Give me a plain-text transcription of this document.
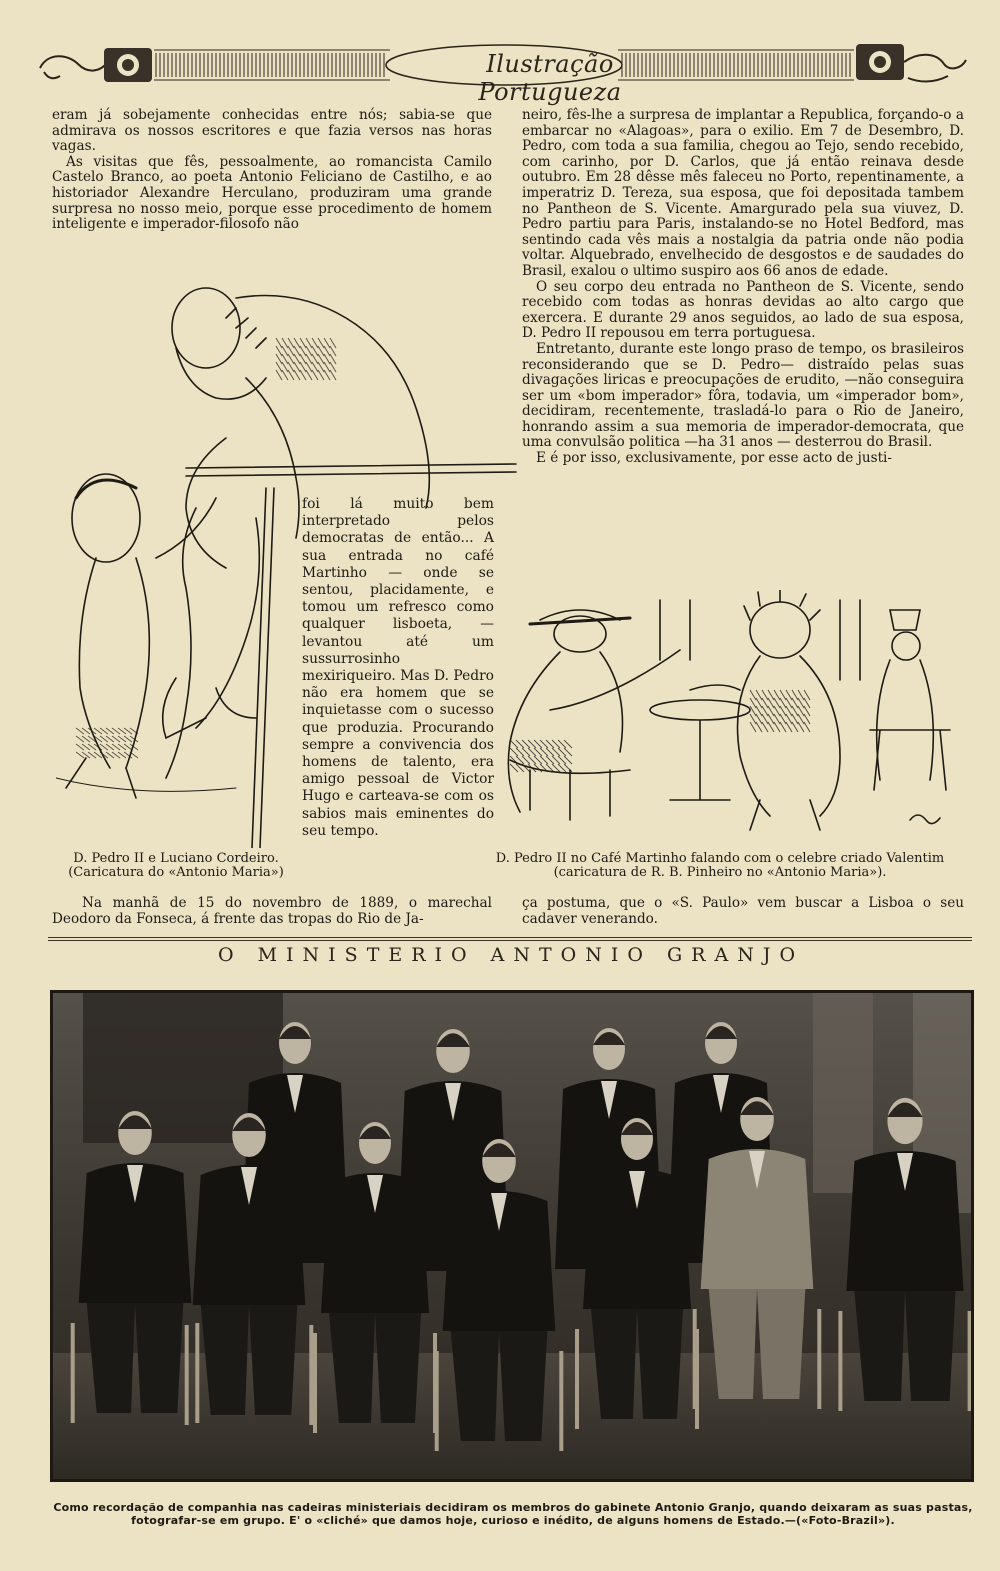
Ilustração Portugueza

eram já sobejamente conhecidas entre nós; sabia-se que admirava os nossos escritores e que fazia versos nas horas vagas.

As visitas que fês, pessoalmente, ao romancista Camilo Castelo Branco, ao poeta Antonio Feliciano de Castilho, e ao historiador Alexandre Herculano, produziram uma grande surpresa no nosso meio, porque esse procedimento de homem inteligente e imperador-filosofo não

foi lá muito bem interpretado pelos democratas de então... A sua entrada no café Martinho — onde se sentou, placidamente, e tomou um refresco como qualquer lisboeta, — levantou até um sussurrosinho mexiriqueiro. Mas D. Pedro não era homem que se inquietasse com o sucesso que produzia. Procurando sempre a convivencia dos homens de talento, era amigo pessoal de Victor Hugo e carteava-se com os sabios mais eminentes do seu tempo.

D. Pedro II e Luciano Cordeiro.
(Caricatura do «Antonio Maria»)

Na manhã de 15 do novembro de 1889, o marechal Deodoro da Fonseca, á frente das tropas do Rio de Ja-

neiro, fês-lhe a surpresa de implantar a Republica, forçando-o a embarcar no «Alagoas», para o exilio. Em 7 de Desembro, D. Pedro, com toda a sua familia, chegou ao Tejo, sendo recebido, com carinho, por D. Carlos, que já então reinava desde outubro. Em 28 dêsse mês faleceu no Porto, repentinamente, a imperatriz D. Tereza, sua esposa, que foi depositada tambem no Pantheon de S. Vicente. Amargurado pela sua viuvez, D. Pedro partiu para Paris, instalando-se no Hotel Bedford, mas sentindo cada vês mais a nostalgia da patria onde não podia voltar. Alquebrado, envelhecido de desgostos e de saudades do Brasil, exalou o ultimo suspiro aos 66 anos de edade.

O seu corpo deu entrada no Pantheon de S. Vicente, sendo recebido com todas as honras devidas ao alto cargo que exercera. E durante 29 anos seguidos, ao lado de sua esposa, D. Pedro II repousou em terra portuguesa.

Entretanto, durante este longo praso de tempo, os brasileiros reconsiderando que se D. Pedro— distraído pelas suas divagações liricas e preocupações de erudito, —não conseguira ser um «bom imperador» fôra, todavia, um «imperador bom», decidiram, recentemente, trasladá-lo para o Rio de Janeiro, honrando assim a sua memoria de imperador-democrata, que uma convulsão politica —ha 31 anos — desterrou do Brasil.

E é por isso, exclusivamente, por esse acto de justi-

D. Pedro II no Café Martinho falando com o celebre criado Valentim
(caricatura de R. B. Pinheiro no «Antonio Maria»).

ça postuma, que o «S. Paulo» vem buscar a Lisboa o seu cadaver venerando.

O MINISTERIO ANTONIO GRANJO
Como recordação de companhia nas cadeiras ministeriais decidiram os membros do gabinete Antonio Granjo, quando deixaram as suas pastas, fotografar-se em grupo. E' o «cliché» que damos hoje, curioso e inédito, de alguns homens de Estado.—(«Foto-Brazil»).
